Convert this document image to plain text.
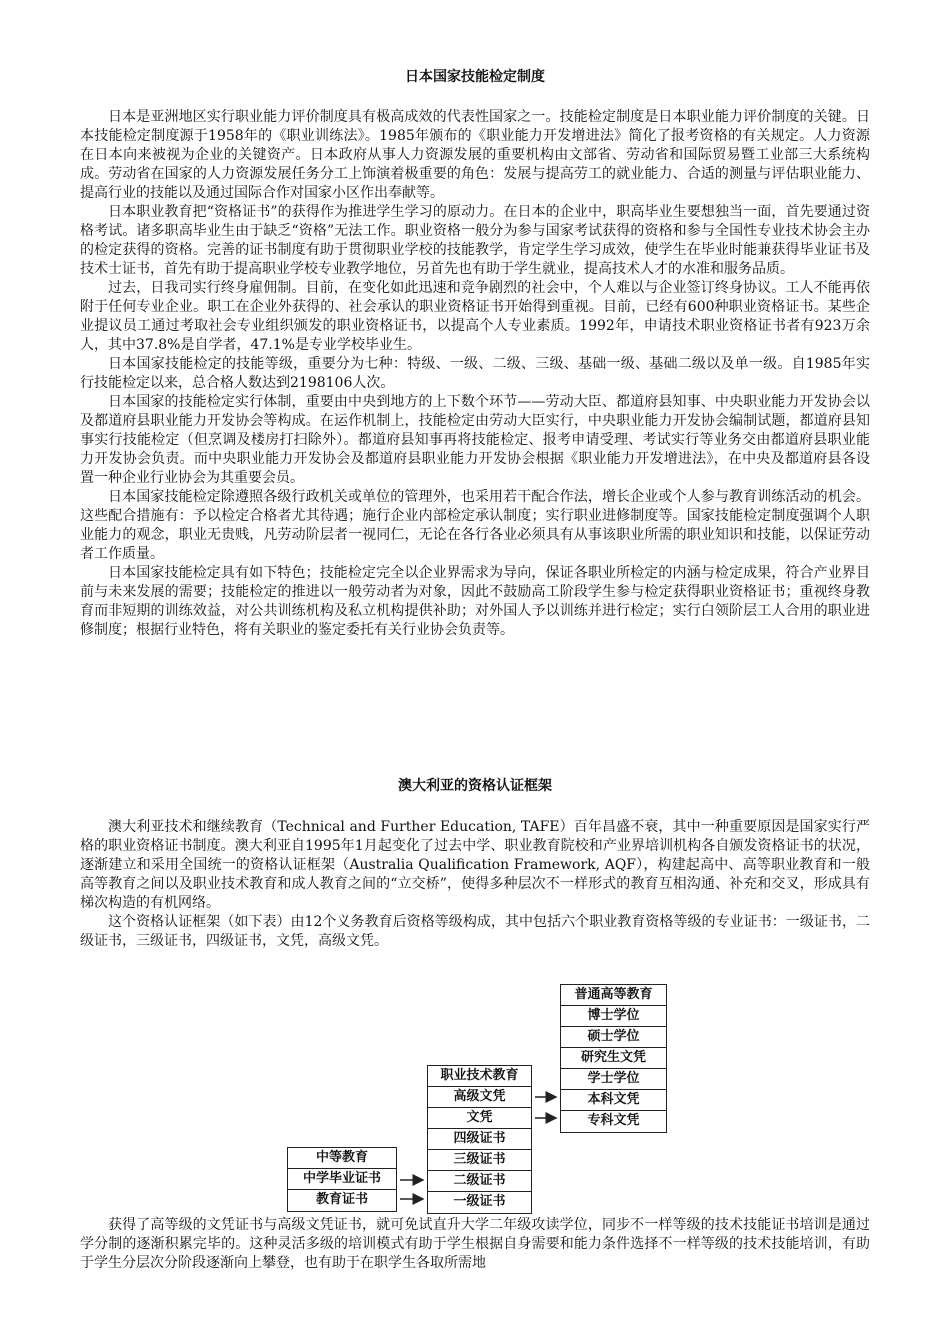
日本国家技能检定制度

日本是亚洲地区实行职业能力评价制度具有极高成效的代表性国家之一。技能检定制度是日本职业能力评价制度的关键。日本技能检定制度源于1958年的《职业训练法》。1985年颁布的《职业能力开发增进法》简化了报考资格的有关规定。人力资源在日本向来被视为企业的关键资产。日本政府从事人力资源发展的重要机构由文部省、劳动省和国际贸易暨工业部三大系统构成。劳动省在国家的人力资源发展任务分工上饰演着极重要的角色：发展与提高劳工的就业能力、合适的测量与评估职业能力、提高行业的技能以及通过国际合作对国家小区作出奉献等。

日本职业教育把“资格证书”的获得作为推进学生学习的原动力。在日本的企业中，职高毕业生要想独当一面，首先要通过资格考试。诸多职高毕业生由于缺乏“资格”无法工作。职业资格一般分为参与国家考试获得的资格和参与全国性专业技术协会主办的检定获得的资格。完善的证书制度有助于贯彻职业学校的技能教学，肯定学生学习成效，使学生在毕业时能兼获得毕业证书及技术士证书，首先有助于提高职业学校专业教学地位，另首先也有助于学生就业，提高技术人才的水准和服务品质。

过去，日我司实行终身雇佣制。目前，在变化如此迅速和竞争剧烈的社会中，个人难以与企业签订终身协议。工人不能再依附于任何专业企业。职工在企业外获得的、社会承认的职业资格证书开始得到重视。目前，已经有600种职业资格证书。某些企业提议员工通过考取社会专业组织颁发的职业资格证书，以提高个人专业素质。1992年，申请技术职业资格证书者有923万余人，其中37.8%是自学者，47.1%是专业学校毕业生。

日本国家技能检定的技能等级，重要分为七种：特级、一级、二级、三级、基础一级、基础二级以及单一级。自1985年实行技能检定以来，总合格人数达到2198106人次。

日本国家的技能检定实行体制，重要由中央到地方的上下数个环节——劳动大臣、都道府县知事、中央职业能力开发协会以及都道府县职业能力开发协会等构成。在运作机制上，技能检定由劳动大臣实行，中央职业能力开发协会编制试题，都道府县知事实行技能检定（但烹调及楼房打扫除外）。都道府县知事再将技能检定、报考申请受理、考试实行等业务交由都道府县职业能力开发协会负责。而中央职业能力开发协会及都道府县职业能力开发协会根据《职业能力开发增进法》，在中央及都道府县各设置一种企业行业协会为其重要会员。

日本国家技能检定除遵照各级行政机关或单位的管理外，也采用若干配合作法，增长企业或个人参与教育训练活动的机会。这些配合措施有：予以检定合格者尤其待遇；施行企业内部检定承认制度；实行职业进修制度等。国家技能检定制度强调个人职业能力的观念，职业无贵贱，凡劳动阶层者一视同仁，无论在各行各业必须具有从事该职业所需的职业知识和技能，以保证劳动者工作质量。

日本国家技能检定具有如下特色；技能检定完全以企业界需求为导向，保证各职业所检定的内涵与检定成果，符合产业界目前与未来发展的需要；技能检定的推进以一般劳动者为对象，因此不鼓励高工阶段学生参与检定获得职业资格证书；重视终身教育而非短期的训练效益，对公共训练机构及私立机构提供补助；对外国人予以训练并进行检定；实行白领阶层工人合用的职业进修制度；根据行业特色，将有关职业的鉴定委托有关行业协会负责等。

澳大利亚的资格认证框架

澳大利亚技术和继续教育（Technical and Further Education, TAFE）百年昌盛不衰，其中一种重要原因是国家实行严格的职业资格证书制度。澳大利亚自1995年1月起变化了过去中学、职业教育院校和产业界培训机构各自颁发资格证书的状况，逐渐建立和采用全国统一的资格认证框架（Australia Qualification Framework, AQF），构建起高中、高等职业教育和一般高等教育之间以及职业技术教育和成人教育之间的“立交桥”，使得多种层次不一样形式的教育互相沟通、补充和交叉，形成具有梯次构造的有机网络。

这个资格认证框架（如下表）由12个义务教育后资格等级构成，其中包括六个职业教育资格等级的专业证书：一级证书，二级证书，三级证书，四级证书，文凭，高级文凭。

获得了高等级的文凭证书与高级文凭证书，就可免试直升大学二年级攻读学位，同步不一样等级的技术技能证书培训是通过学分制的逐渐积累完毕的。这种灵活多级的培训模式有助于学生根据自身需要和能力条件选择不一样等级的技术技能培训，有助于学生分层次分阶段逐渐向上攀登，也有助于在职学生各取所需地

中等教育
中学毕业证书
教育证书
职业技术教育
高级文凭
文凭
四级证书
三级证书
二级证书
一级证书
普通高等教育
博士学位
硕士学位
研究生文凭
学士学位
本科文凭
专科文凭
